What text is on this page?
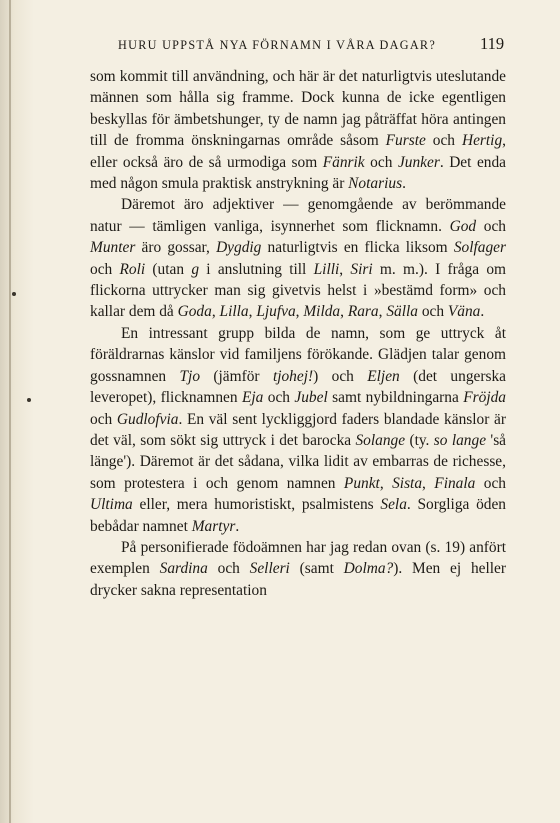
HURU UPPSTÅ NYA FÖRNAMN I VÅRA DAGAR?	119

som kommit till användning, och här är det naturligtvis uteslutande männen som hålla sig framme. Dock kunna de icke egentligen beskyllas för ämbetshunger, ty de namn jag påträffat höra antingen till de fromma önskningarnas område såsom Furste och Hertig, eller också äro de så urmodiga som Fänrik och Junker. Det enda med någon smula praktisk anstrykning är Notarius.

Däremot äro adjektiver — genomgående av berömmande natur — tämligen vanliga, isynnerhet som flicknamn. God och Munter äro gossar, Dygdig naturligtvis en flicka liksom Solfager och Roli (utan g i anslutning till Lilli, Siri m. m.). I fråga om flickorna uttrycker man sig givetvis helst i »bestämd form» och kallar dem då Goda, Lilla, Ljufva, Milda, Rara, Sälla och Väna.

En intressant grupp bilda de namn, som ge uttryck åt föräldrarnas känslor vid familjens förökande. Glädjen talar genom gossnamnen Tjo (jämför tjohej!) och Eljen (det ungerska leveropet), flicknamnen Eja och Jubel samt nybildningarna Fröjda och Gudlofvia. En väl sent lyckliggjord faders blandade känslor är det väl, som sökt sig uttryck i det barocka Solange (ty. so lange 'så länge'). Däremot är det sådana, vilka lidit av embarras de richesse, som protestera i och genom namnen Punkt, Sista, Finala och Ultima eller, mera humoristiskt, psalmistens Sela. Sorgliga öden bebådar namnet Martyr.

På personifierade födoämnen har jag redan ovan (s. 19) anfört exemplen Sardina och Selleri (samt Dolma?). Men ej heller drycker sakna representation
